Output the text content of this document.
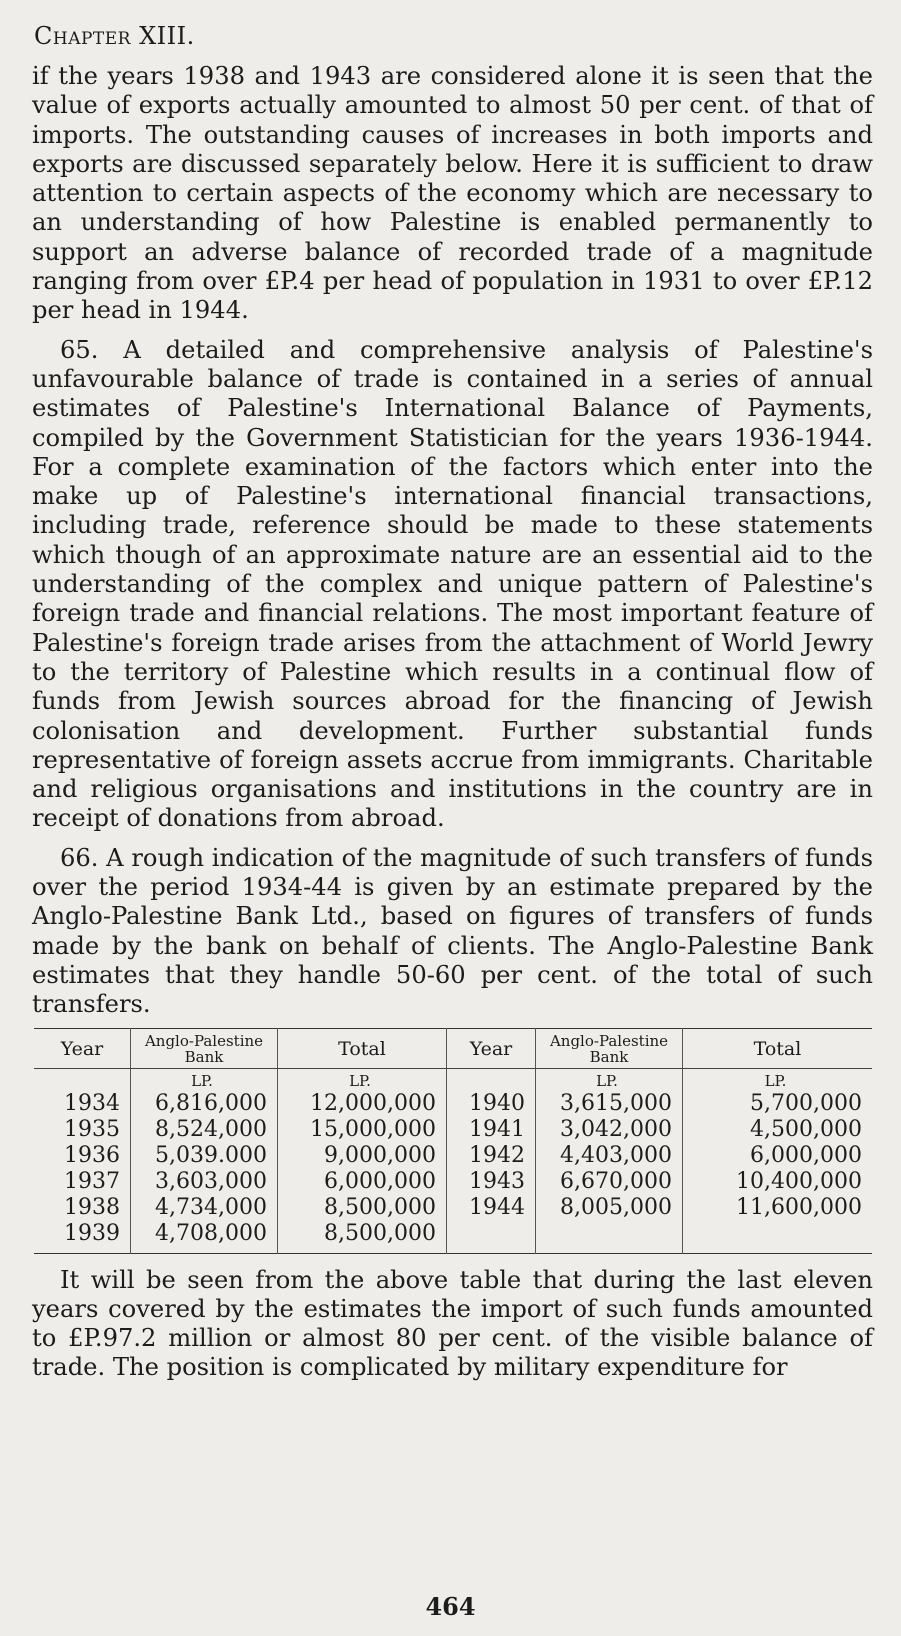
Chapter XIII.

if the years 1938 and 1943 are considered alone it is seen that the value of exports actually amounted to almost 50 per cent. of that of imports. The outstanding causes of increases in both imports and exports are discussed separately below. Here it is sufficient to draw attention to certain aspects of the economy which are necessary to an understanding of how Palestine is enabled permanently to support an adverse balance of recorded trade of a magnitude ranging from over £P.4 per head of population in 1931 to over £P.12 per head in 1944.

65. A detailed and comprehensive analysis of Palestine's unfavourable balance of trade is contained in a series of annual estimates of Palestine's International Balance of Payments, compiled by the Government Statistician for the years 1936-1944. For a complete examination of the factors which enter into the make up of Palestine's international financial transactions, including trade, reference should be made to these statements which though of an approximate nature are an essential aid to the understanding of the complex and unique pattern of Palestine's foreign trade and financial relations. The most important feature of Palestine's foreign trade arises from the attachment of World Jewry to the territory of Palestine which results in a continual flow of funds from Jewish sources abroad for the financing of Jewish colonisation and development. Further substantial funds representative of foreign assets accrue from immigrants. Charitable and religious organisations and institutions in the country are in receipt of donations from abroad.

66. A rough indication of the magnitude of such transfers of funds over the period 1934-44 is given by an estimate prepared by the Anglo-Palestine Bank Ltd., based on figures of transfers of funds made by the bank on behalf of clients. The Anglo-Palestine Bank estimates that they handle 50-60 per cent. of the total of such transfers.

Year	Anglo-Palestine Bank	Total	Year	Anglo-Palestine Bank	Total
	LP.	LP.		LP.	LP.
1934	6,816,000	12,000,000	1940	3,615,000	5,700,000
1935	8,524,000	15,000,000	1941	3,042,000	4,500,000
1936	5,039.000	9,000,000	1942	4,403,000	6,000,000
1937	3,603,000	6,000,000	1943	6,670,000	10,400,000
1938	4,734,000	8,500,000	1944	8,005,000	11,600,000
1939	4,708,000	8,500,000			

It will be seen from the above table that during the last eleven years covered by the estimates the import of such funds amounted to £P.97.2 million or almost 80 per cent. of the visible balance of trade. The position is complicated by military expenditure for

464
